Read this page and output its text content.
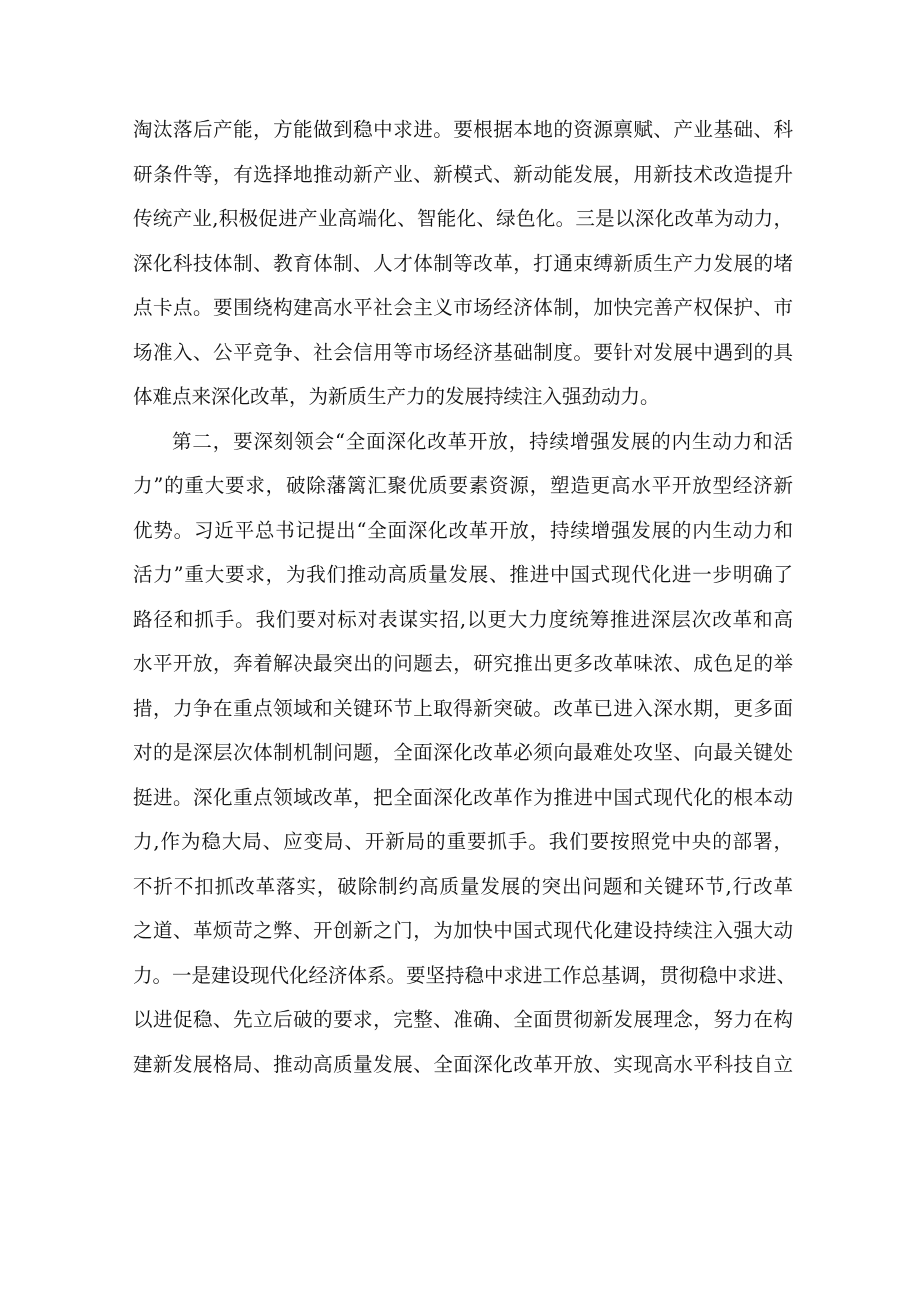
淘汰落后产能，方能做到稳中求进。要根据本地的资源禀赋、产业基础、科
研条件等，有选择地推动新产业、新模式、新动能发展，用新技术改造提升
传统产业,积极促进产业高端化、智能化、绿色化。三是以深化改革为动力，
深化科技体制、教育体制、人才体制等改革，打通束缚新质生产力发展的堵
点卡点。要围绕构建高水平社会主义市场经济体制，加快完善产权保护、市
场准入、公平竞争、社会信用等市场经济基础制度。要针对发展中遇到的具
体难点来深化改革，为新质生产力的发展持续注入强劲动力。
第二，要深刻领会“全面深化改革开放，持续增强发展的内生动力和活
力”的重大要求，破除藩篱汇聚优质要素资源，塑造更高水平开放型经济新
优势。习近平总书记提出“全面深化改革开放，持续增强发展的内生动力和
活力”重大要求，为我们推动高质量发展、推进中国式现代化进一步明确了
路径和抓手。我们要对标对表谋实招,以更大力度统筹推进深层次改革和高
水平开放，奔着解决最突出的问题去，研究推出更多改革味浓、成色足的举
措，力争在重点领域和关键环节上取得新突破。改革已进入深水期，更多面
对的是深层次体制机制问题，全面深化改革必须向最难处攻坚、向最关键处
挺进。深化重点领域改革，把全面深化改革作为推进中国式现代化的根本动
力,作为稳大局、应变局、开新局的重要抓手。我们要按照党中央的部署，
不折不扣抓改革落实，破除制约高质量发展的突出问题和关键环节,行改革
之道、革烦苛之弊、开创新之门，为加快中国式现代化建设持续注入强大动
力。一是建设现代化经济体系。要坚持稳中求进工作总基调，贯彻稳中求进、
以进促稳、先立后破的要求，完整、准确、全面贯彻新发展理念，努力在构
建新发展格局、推动高质量发展、全面深化改革开放、实现高水平科技自立
